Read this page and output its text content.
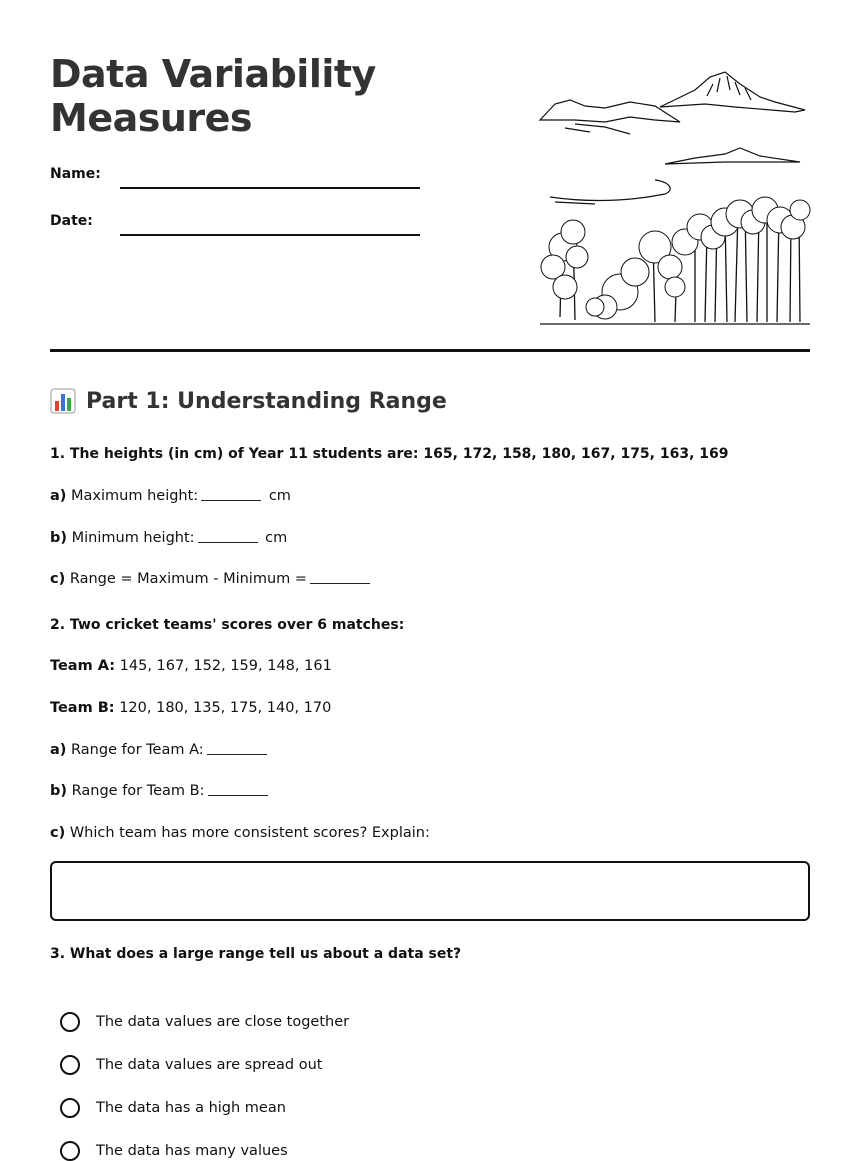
Data Variability
Measures
Name:
Date:
Part 1: Understanding Range
1. The heights (in cm) of Year 11 students are: 165, 172, 158, 180, 167, 175, 163, 169
a) Maximum height:	cm
b) Minimum height:	cm
c) Range = Maximum - Minimum =
2. Two cricket teams' scores over 6 matches:
Team A: 145, 167, 152, 159, 148, 161
Team B: 120, 180, 135, 175, 140, 170
a) Range for Team A:
b) Range for Team B:
c) Which team has more consistent scores? Explain:
3. What does a large range tell us about a data set?
The data values are close together
The data values are spread out
The data has a high mean
The data has many values
